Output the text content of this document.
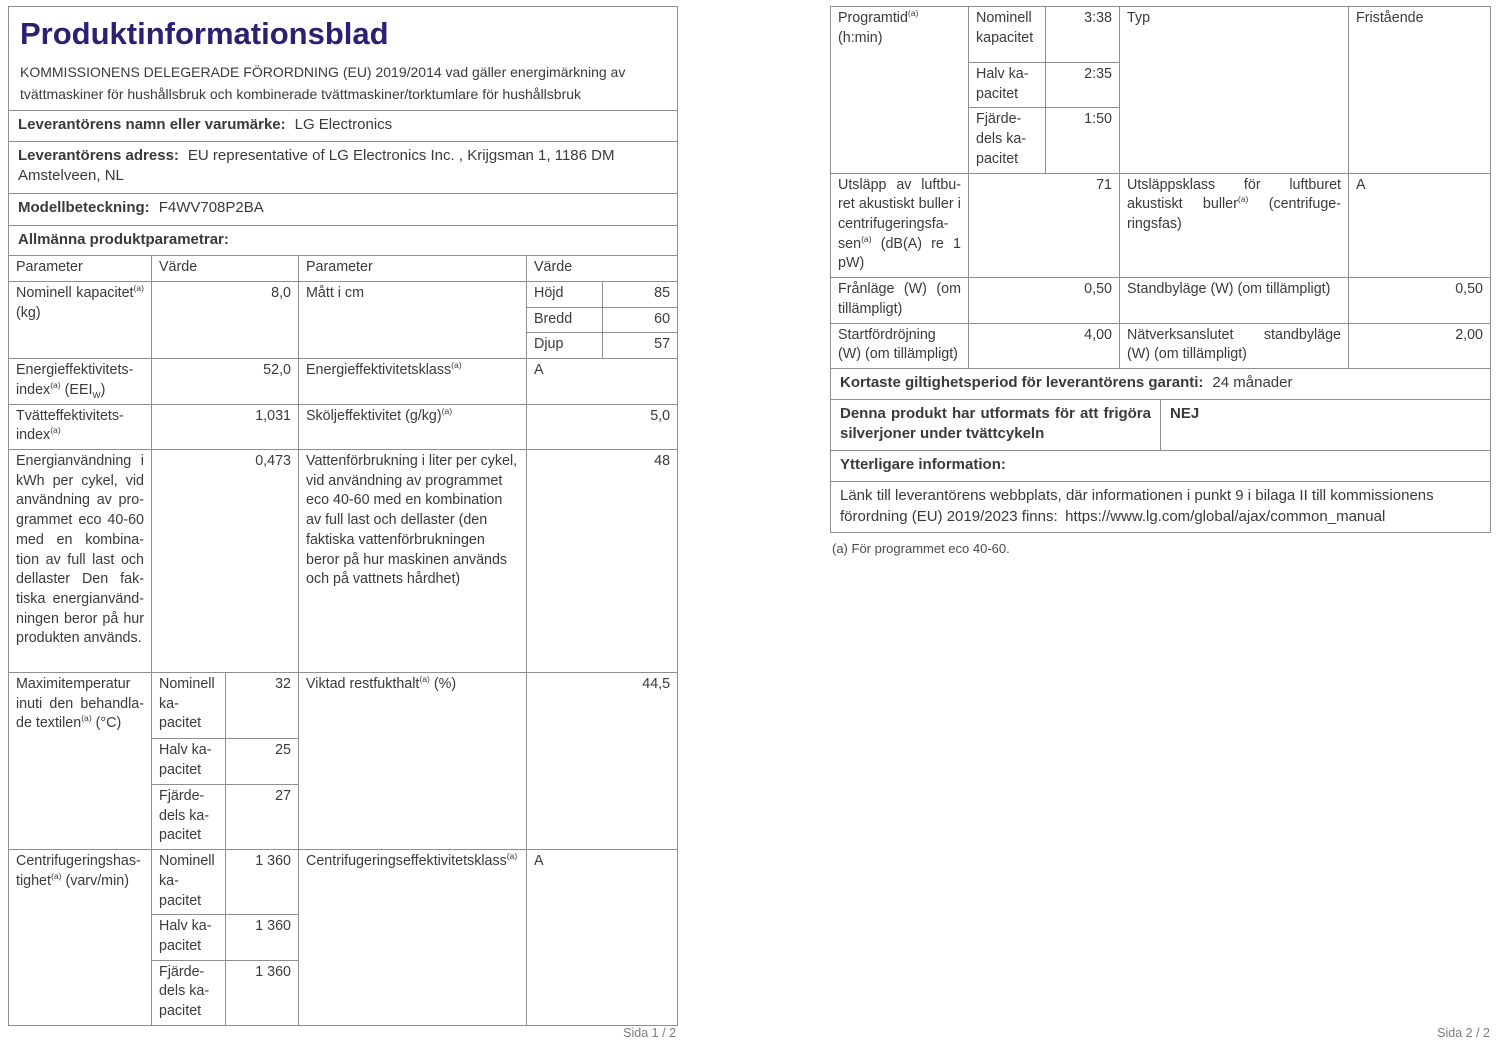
Produktinformationsblad
KOMMISSIONENS DELEGERADE FÖRORDNING (EU) 2019/2014 vad gäller energimärkning av tvättmaskiner för hushållsbruk och kombinerade tvättmaskiner/torktumlare för hushållsbruk					

Leverantörens namn eller varumärke: LG Electronics					
Leverantörens adress: EU representative of LG Electronics Inc. , Krijgsman 1, 1186 DM Amstelveen, NL					
Modellbeteckning: F4WV708P2BA					
Allmänna produktparametrar:					
Parameter	Värde		Parameter	Värde	
Nominell kapacitet$^{(a)}$ (kg)	8,0		Mått i cm	Höjd	85
				Bredd	60
				Djup	57
Energieffektivitetsindex$^{(a)}$ $(EEI_W)$	52,0		Energieffektivitetsklass$^{(a)}$	A	
Tvätteffektivitetsindex$^{(a)}$	1,031		Sköljeffektivitet $(g/kg)^{(a)}$	5,0	
Energianvändning i kWh per cykel, vid användning av programmet eco 40-60 med en kombination av full last och dellaster Den faktiska energianvändningen beror på hur produkten används.	0,473		Vattenförbrukning i liter per cykel, vid användning av programmet eco 40-60 med en kombination av full last och dellaster (den faktiska vattenförbrukningen beror på hur maskinen används och på vattnets hårdhet)	48	
Maximitemperatur inuti den behandlade textilen$^{(a)}$ (°C)	Nominell kapacitet	32	Viktad restfukthalt$^{(a)}$ (%)	44,5	
	Halv kapacitet	25			
	Fjärdedels kapacitet	27			
Centrifugeringshastighet$^{(a)}$ (varv/min)	Nominell kapacitet	1 360	Centrifugeringseffektivitetsklass$^{(a)}$	A	
	Halv kapacitet	1 360			
	Fjärdedels kapacitet	1 360			
Programtid$^{(a)}$ (h:min)	Nominell kapacitet	3:38	Typ		Fristående
	Halv kapacitet	2:35			
	Fjärdedels kapacitet	1:50			
Utsläpp av luftburet akustiskt buller i centrifugeringsfasen$^{(a)}$ (dB(A) re 1 pW)	71		Utsläppsklass för luftburet akustiskt buller$^{(a)}$ (centrifugeringsfas)		A
Frånläge (W) (om tillämpligt)	0,50		Standbyläge (W) (om tillämpligt)		0,50
Startfördröjning (W) (om tillämpligt)	4,00		Nätverksanslutet standbyläge (W) (om tillämpligt)		2,00
Kortaste giltighetsperiod för leverantörens garanti: 24 månader					
Denna produkt har utformats för att frigöra silverjoner under tvättcykeln				NEJ	
Ytterligare information:					
Länk till leverantörens webbplats, där informationen i punkt 9 i bilaga II till kommissionens förordning (EU) 2019/2023 finns: https://www.lg.com/global/ajax/common_manual					
(a) För programmet eco 40-60.
Sida 1 / 2	Sida 2 / 2
